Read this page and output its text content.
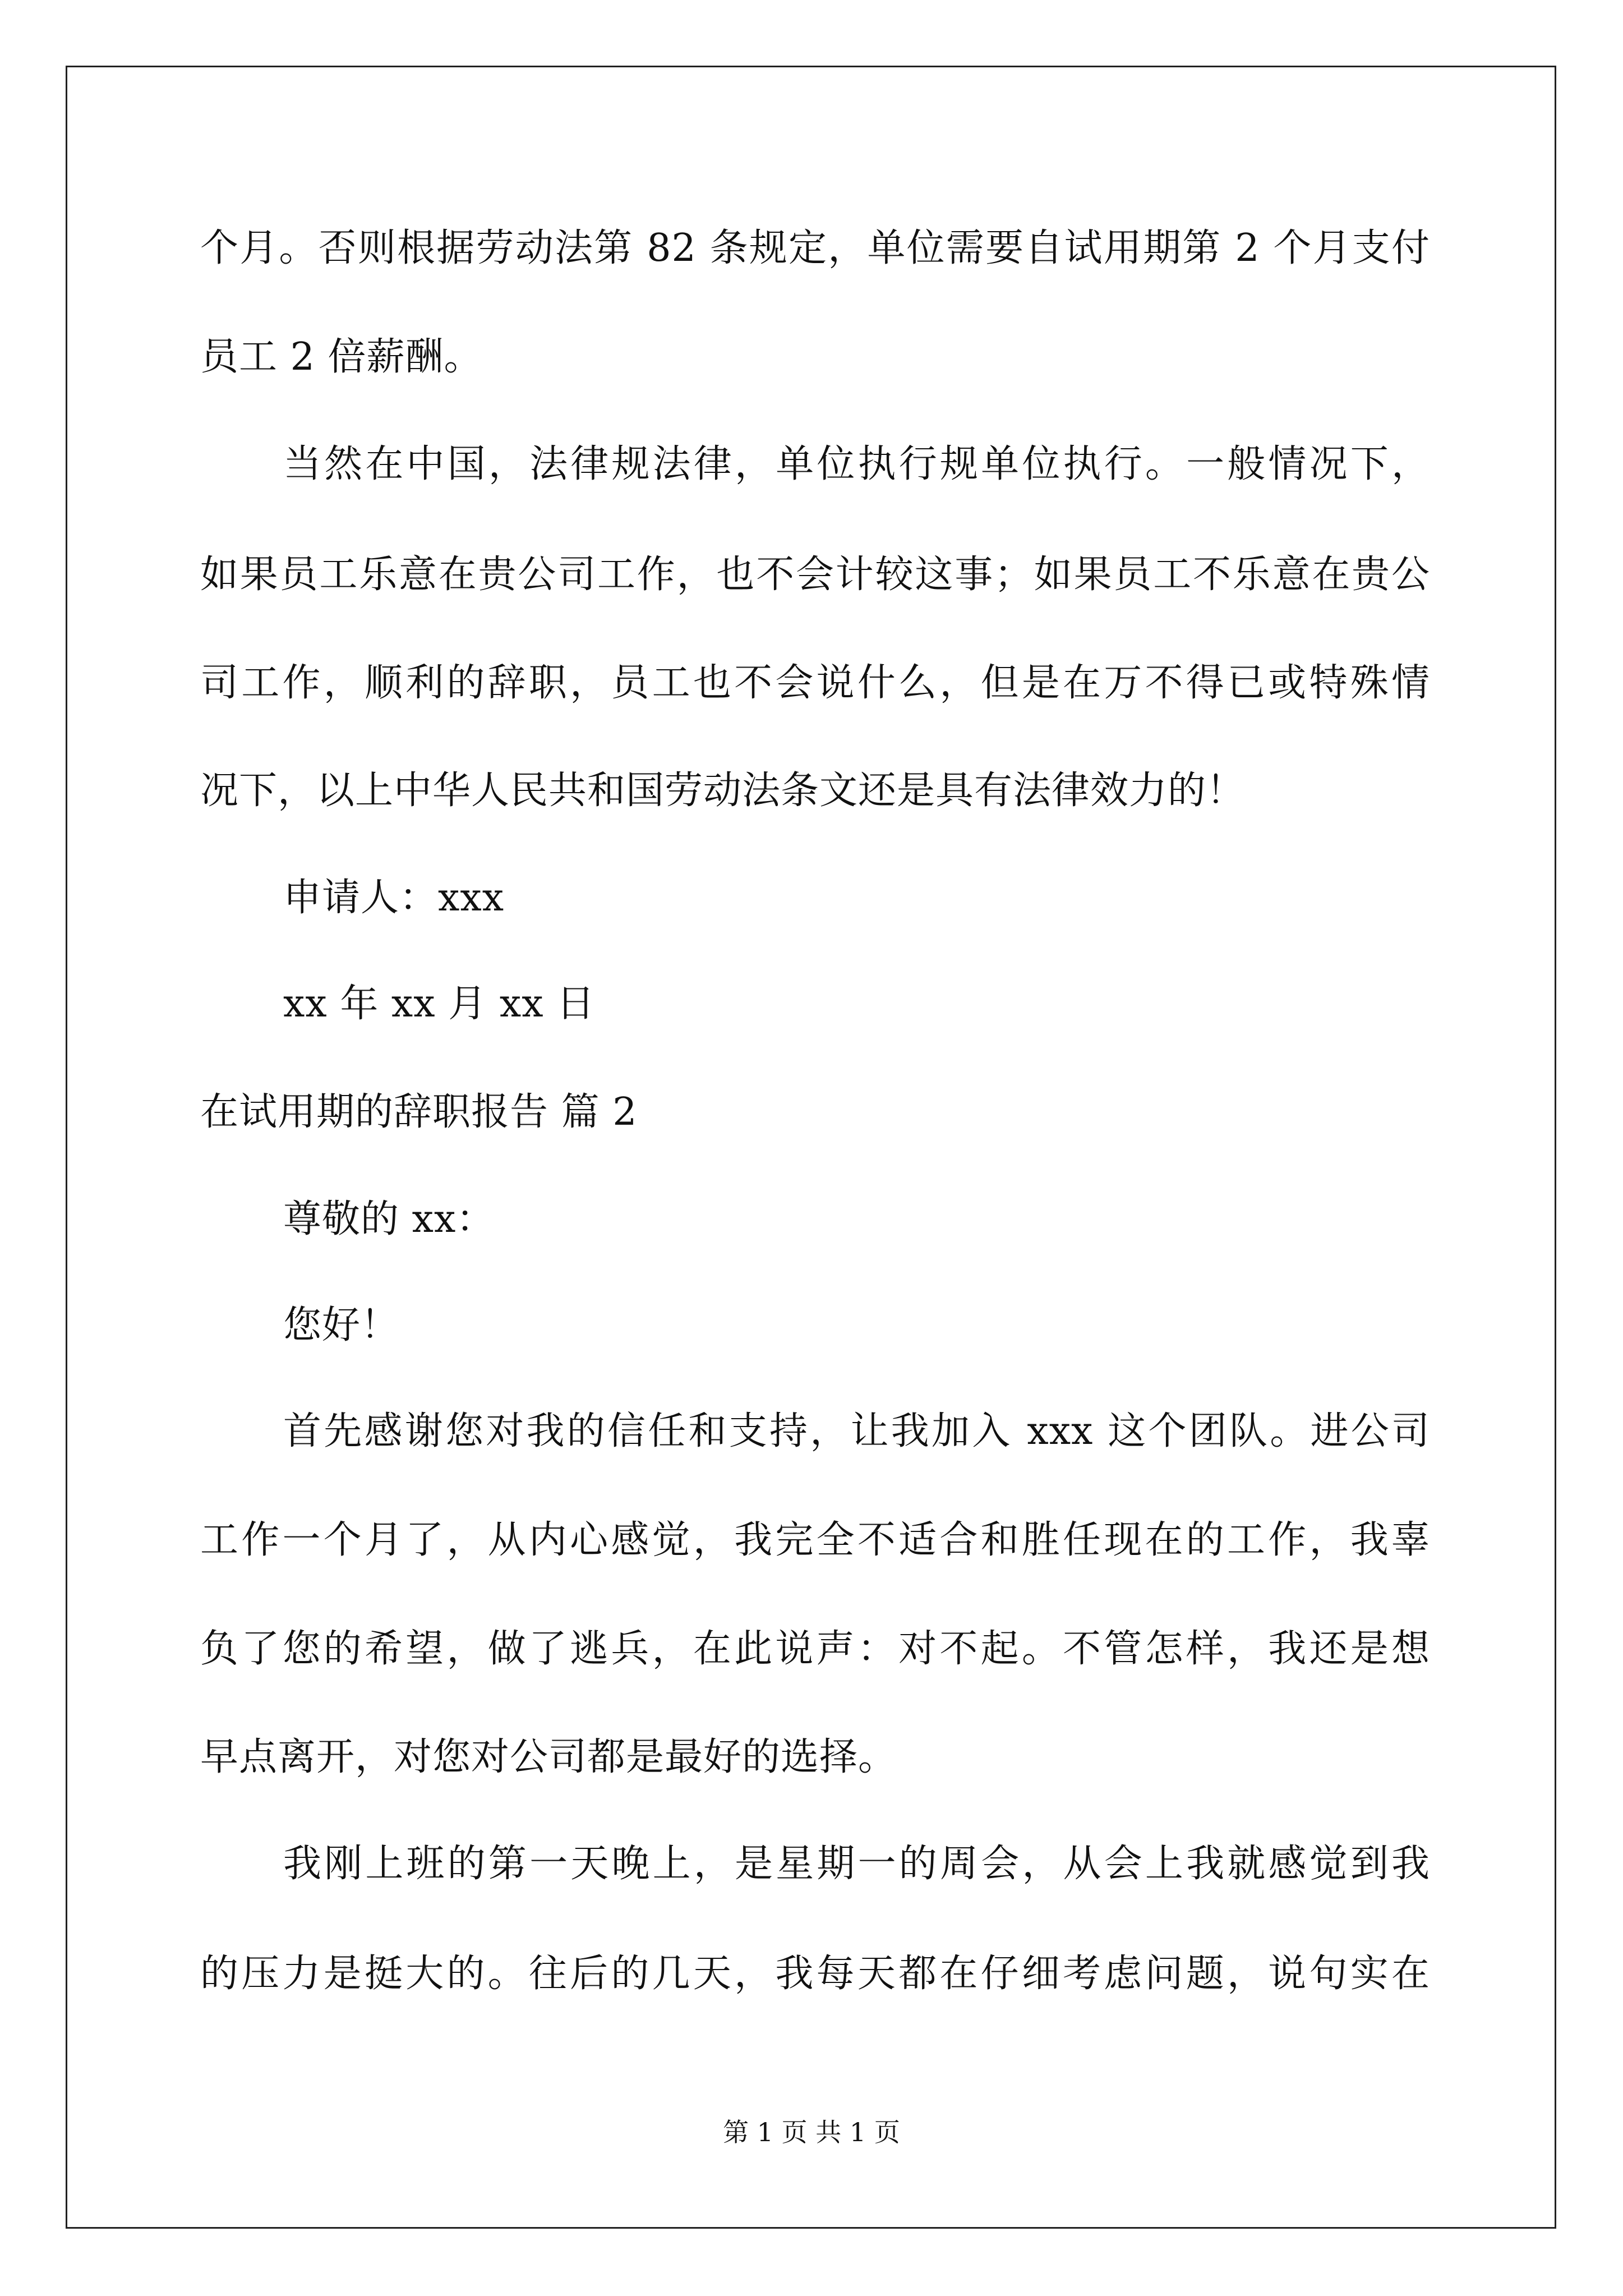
个月。否则根据劳动法第 82 条规定，单位需要自试用期第 2 个月支付
员工 2 倍薪酬。
当然在中国，法律规法律，单位执行规单位执行。一般情况下，
如果员工乐意在贵公司工作，也不会计较这事；如果员工不乐意在贵公
司工作，顺利的辞职，员工也不会说什么，但是在万不得已或特殊情
况下，以上中华人民共和国劳动法条文还是具有法律效力的！
申请人：xxx
xx 年 xx 月 xx 日
在试用期的辞职报告 篇 2
尊敬的 xx：
您好！
首先感谢您对我的信任和支持，让我加入 xxx 这个团队。进公司
工作一个月了，从内心感觉，我完全不适合和胜任现在的工作，我辜
负了您的希望，做了逃兵，在此说声：对不起。不管怎样，我还是想
早点离开，对您对公司都是最好的选择。
我刚上班的第一天晚上，是星期一的周会，从会上我就感觉到我
的压力是挺大的。往后的几天，我每天都在仔细考虑问题，说句实在
第 1 页 共 1 页
